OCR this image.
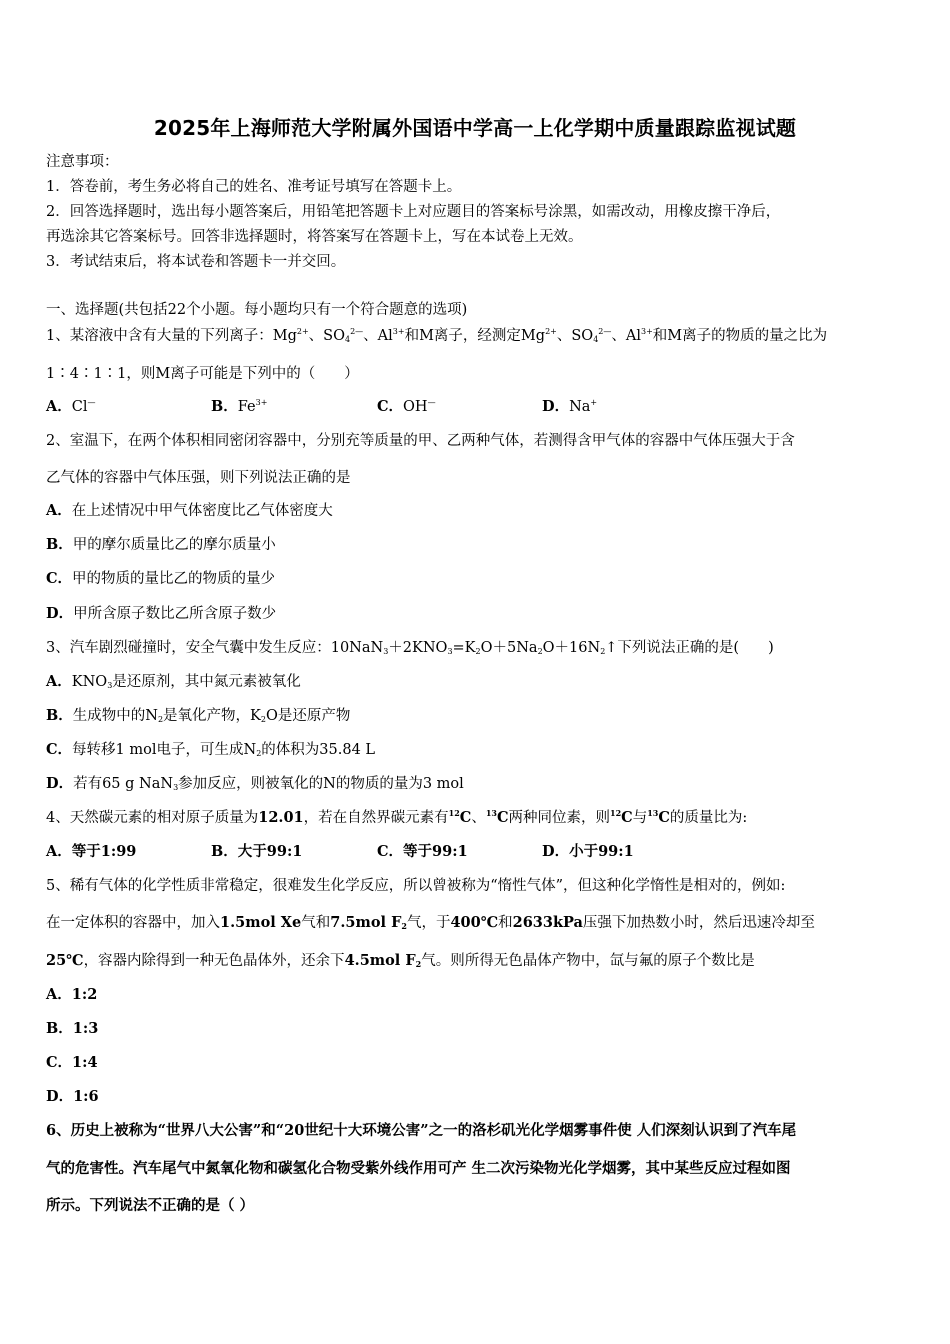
2025年上海师范大学附属外国语中学高一上化学期中质量跟踪监视试题
注意事项：
1．答卷前，考生务必将自己的姓名、准考证号填写在答题卡上。
2．回答选择题时，选出每小题答案后，用铅笔把答题卡上对应题目的答案标号涂黑，如需改动，用橡皮擦干净后，
再选涂其它答案标号。回答非选择题时，将答案写在答题卡上，写在本试卷上无效。
3．考试结束后，将本试卷和答题卡一并交回。
一、选择题(共包括22个小题。每小题均只有一个符合题意的选项)
1、某溶液中含有大量的下列离子：$Mg^{2+}$、$SO_4^{2—}$、$Al^{3+}$和M离子，经测定$Mg^{2+}$、$SO_4^{2—}$、$Al^{3+}$和M离子的物质的量之比为
1∶4∶1∶1，则M离子可能是下列中的（　　）
A．Cl—	B．$Fe^{3+}$	C．OH—	D．Na+
2、室温下，在两个体积相同密闭容器中，分别充等质量的甲、乙两种气体，若测得含甲气体的容器中气体压强大于含
乙气体的容器中气体压强，则下列说法正确的是
A．在上述情况中甲气体密度比乙气体密度大
B．甲的摩尔质量比乙的摩尔质量小
C．甲的物质的量比乙的物质的量少
D．甲所含原子数比乙所含原子数少
3、汽车剧烈碰撞时，安全气囊中发生反应：$10NaN_3+2KNO_3=K_2O+5Na_2O+16N_2↑$下列说法正确的是(　　)
A．$KNO_3$是还原剂，其中氮元素被氧化
B．生成物中的$N_2$是氧化产物，$K_2O$是还原产物
C．每转移1 mol电子，可生成$N_2$的体积为35.84 L
D．若有65 g NaN$_3$参加反应，则被氧化的N的物质的量为3 mol
4、天然碳元素的相对原子质量为12.01，若在自然界碳元素有$^{12}$C、$^{13}$C两种同位素，则$^{12}$C与$^{13}$C的质量比为:
A．等于1:99	B．大于99:1	C．等于99:1	D．小于99:1
5、稀有气体的化学性质非常稳定，很难发生化学反应，所以曾被称为“惰性气体”，但这种化学惰性是相对的，例如:
在一定体积的容器中，加入1.5mol Xe气和7.5mol $F_2$气，于400℃和2633kPa压强下加热数小时，然后迅速冷却至
25℃，容器内除得到一种无色晶体外，还余下4.5mol $F_2$气。则所得无色晶体产物中，氙与氟的原子个数比是
A．1:2
B．1:3
C．1:4
D．1:6
6、历史上被称为“世界八大公害”和“20世纪十大环境公害”之一的洛杉矶光化学烟雾事件使 人们深刻认识到了汽车尾
气的危害性。汽车尾气中氮氧化物和碳氢化合物受紫外线作用可产 生二次污染物光化学烟雾，其中某些反应过程如图
所示。下列说法不正确的是（ ）
